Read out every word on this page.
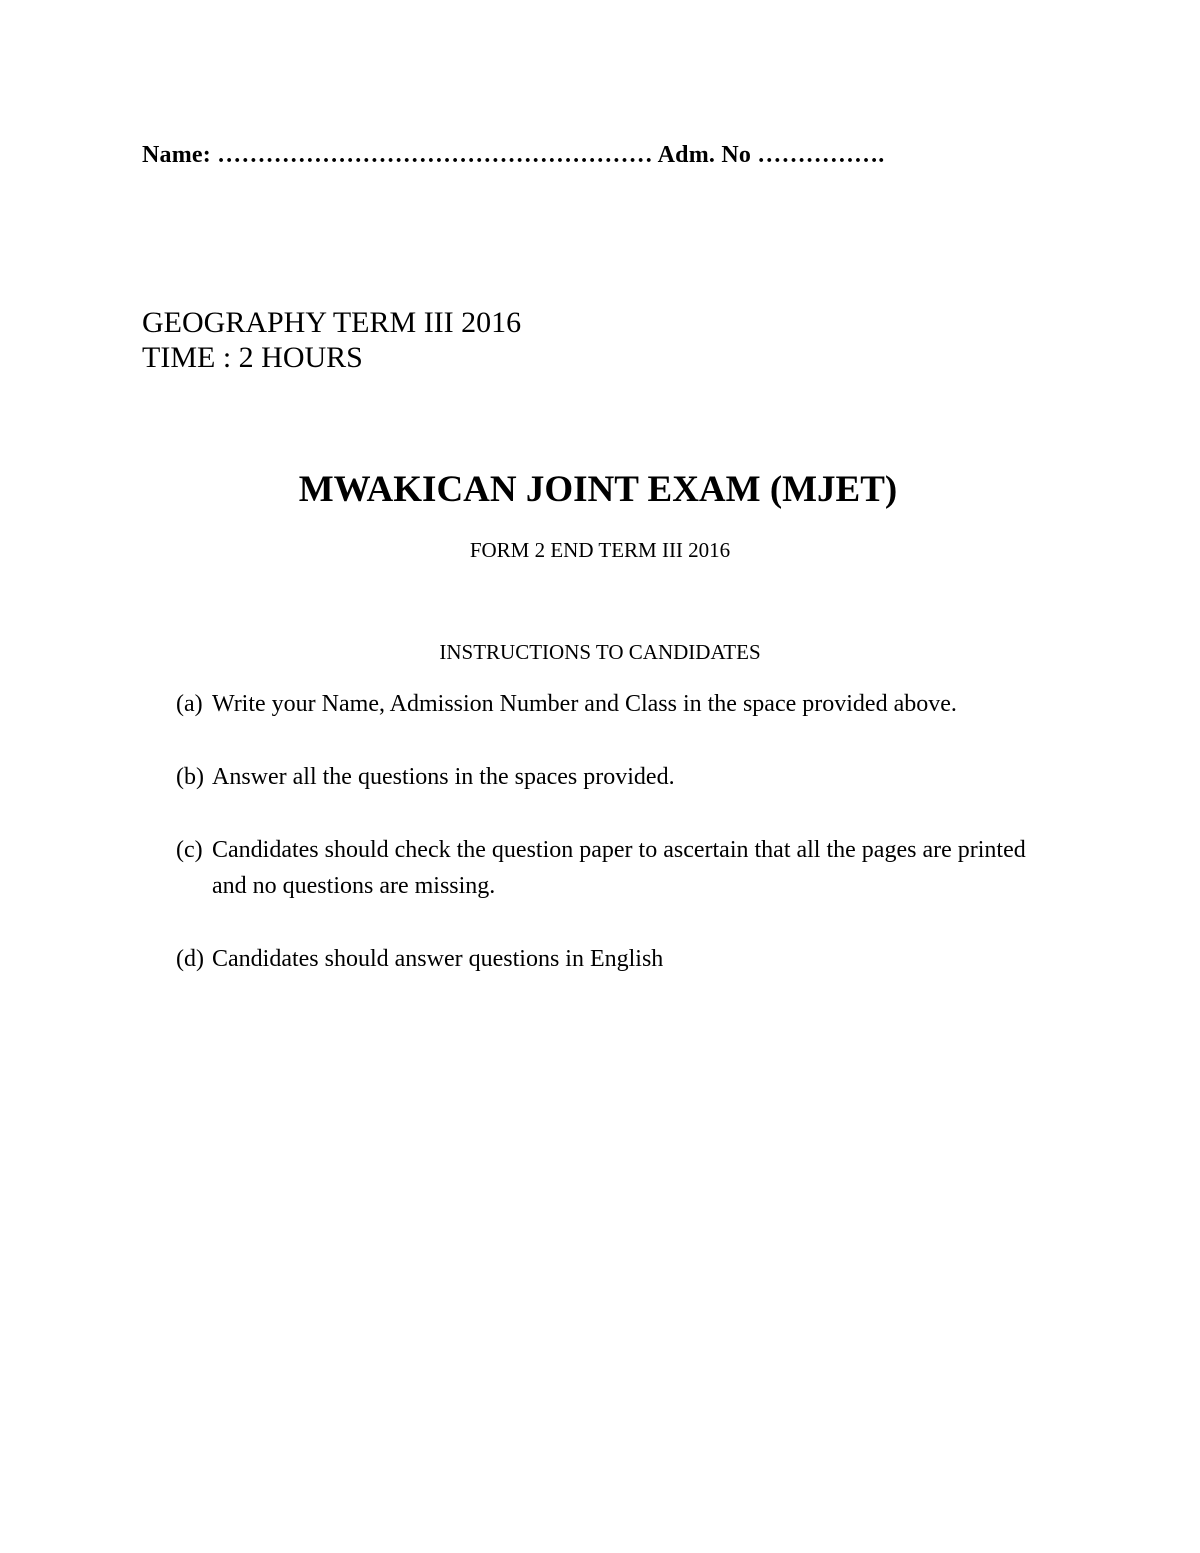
Name: ……………………………………………… Adm. No …………….
GEOGRAPHY TERM III 2016
TIME : 2 HOURS
MWAKICAN JOINT EXAM (MJET)
FORM 2 END TERM III 2016
INSTRUCTIONS TO CANDIDATES
(a) Write your Name, Admission Number and Class in the space provided above.
(b) Answer all the questions in the spaces provided.
(c) Candidates should check the question paper to ascertain that all the pages are printed and no questions are missing.
(d) Candidates should answer questions in English
